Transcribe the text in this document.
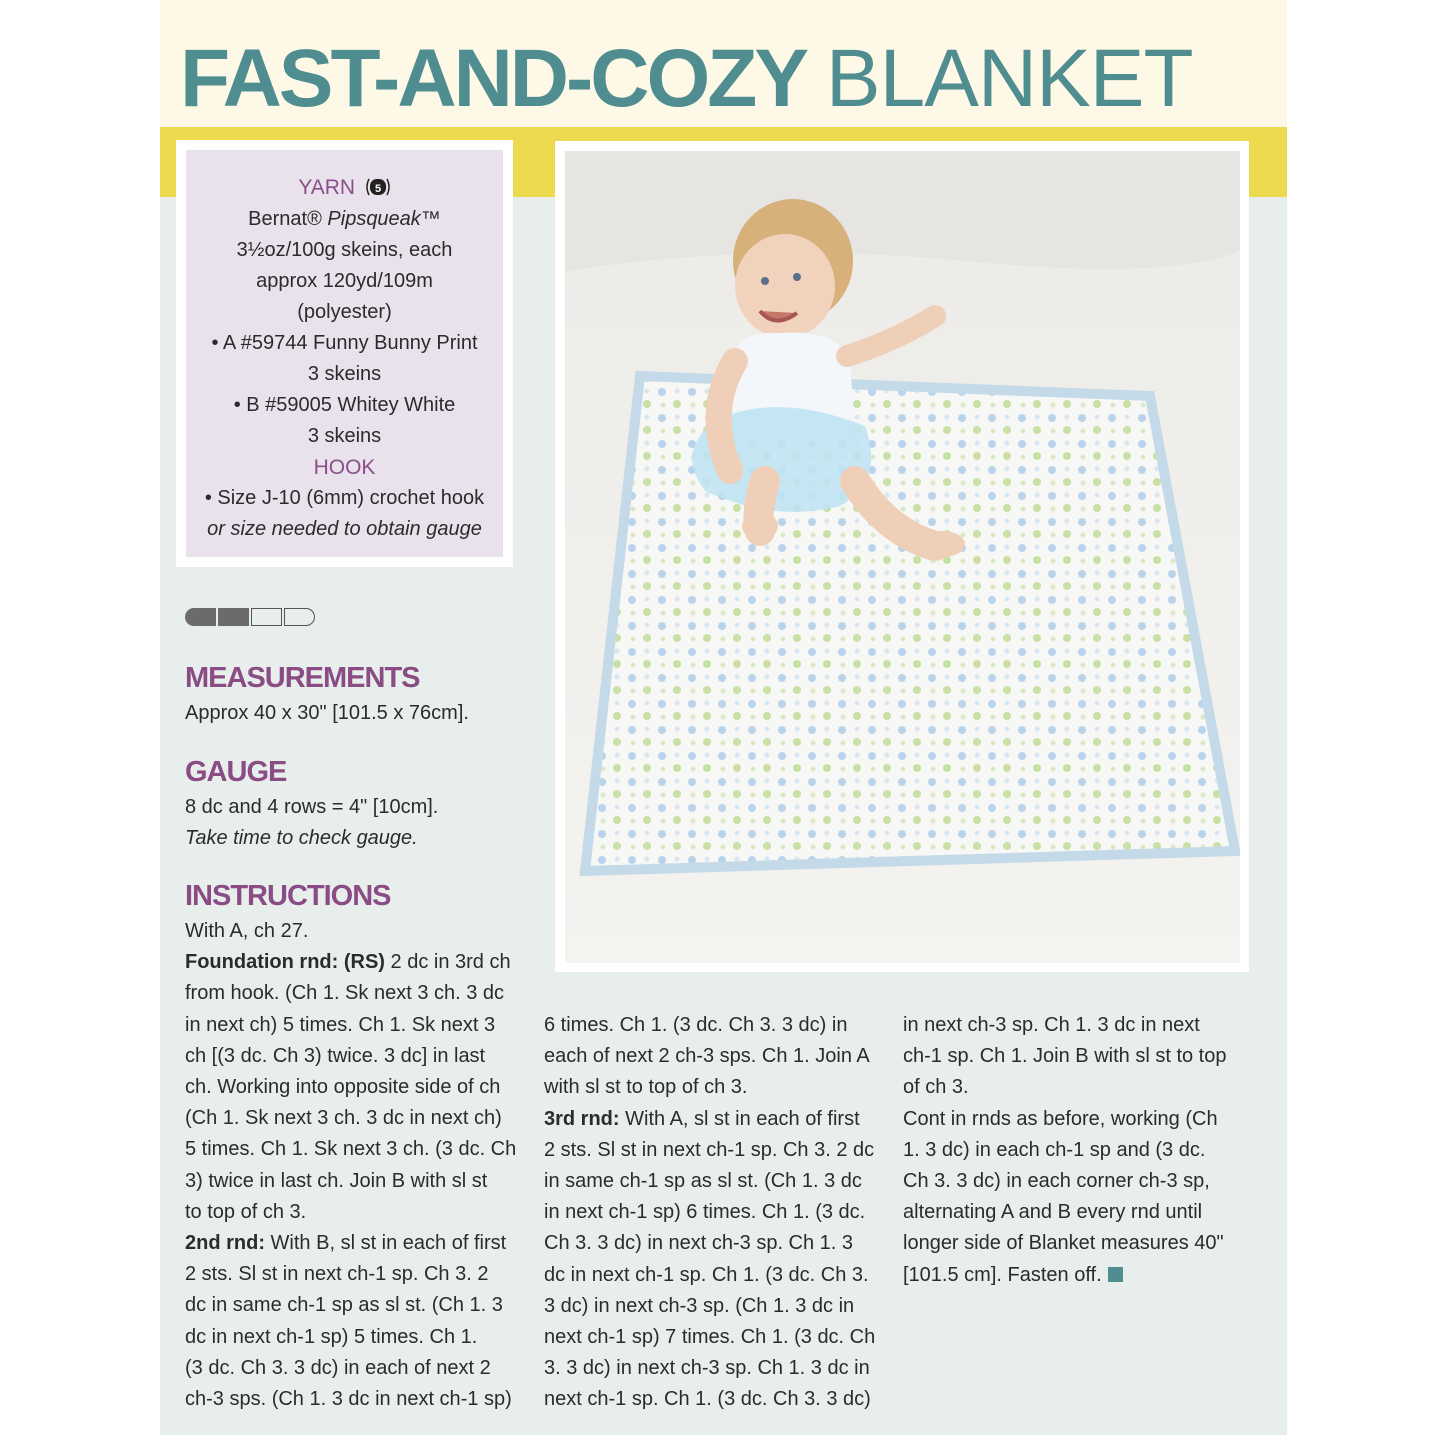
FAST-AND-COZY BLANKET
YARN 5
Bernat® Pipsqueak™
3½oz/100g skeins, each
approx 120yd/109m
(polyester)
• A #59744 Funny Bunny Print
3 skeins
• B #59005 Whitey White
3 skeins
HOOK
• Size J-10 (6mm) crochet hook
or size needed to obtain gauge
MEASUREMENTS
Approx 40 x 30" [101.5 x 76cm].
GAUGE
8 dc and 4 rows = 4" [10cm].
Take time to check gauge.
INSTRUCTIONS
With A, ch 27.
Foundation rnd: (RS) 2 dc in 3rd ch
from hook. (Ch 1. Sk next 3 ch. 3 dc
in next ch) 5 times. Ch 1. Sk next 3
ch [(3 dc. Ch 3) twice. 3 dc] in last
ch. Working into opposite side of ch
(Ch 1. Sk next 3 ch. 3 dc in next ch)
5 times. Ch 1. Sk next 3 ch. (3 dc. Ch
3) twice in last ch. Join B with sl st
to top of ch 3.
2nd rnd: With B, sl st in each of first
2 sts. Sl st in next ch-1 sp. Ch 3. 2
dc in same ch-1 sp as sl st. (Ch 1. 3
dc in next ch-1 sp) 5 times. Ch 1.
(3 dc. Ch 3. 3 dc) in each of next 2
ch-3 sps. (Ch 1. 3 dc in next ch-1 sp)
6 times. Ch 1. (3 dc. Ch 3. 3 dc) in
each of next 2 ch-3 sps. Ch 1. Join A
with sl st to top of ch 3.
3rd rnd: With A, sl st in each of first
2 sts. Sl st in next ch-1 sp. Ch 3. 2 dc
in same ch-1 sp as sl st. (Ch 1. 3 dc
in next ch-1 sp) 6 times. Ch 1. (3 dc.
Ch 3. 3 dc) in next ch-3 sp. Ch 1. 3
dc in next ch-1 sp. Ch 1. (3 dc. Ch 3.
3 dc) in next ch-3 sp. (Ch 1. 3 dc in
next ch-1 sp) 7 times. Ch 1. (3 dc. Ch
3. 3 dc) in next ch-3 sp. Ch 1. 3 dc in
next ch-1 sp. Ch 1. (3 dc. Ch 3. 3 dc)
in next ch-3 sp. Ch 1. 3 dc in next
ch-1 sp. Ch 1. Join B with sl st to top
of ch 3.
Cont in rnds as before, working (Ch
1. 3 dc) in each ch-1 sp and (3 dc.
Ch 3. 3 dc) in each corner ch-3 sp,
alternating A and B every rnd until
longer side of Blanket measures 40"
[101.5 cm]. Fasten off.
